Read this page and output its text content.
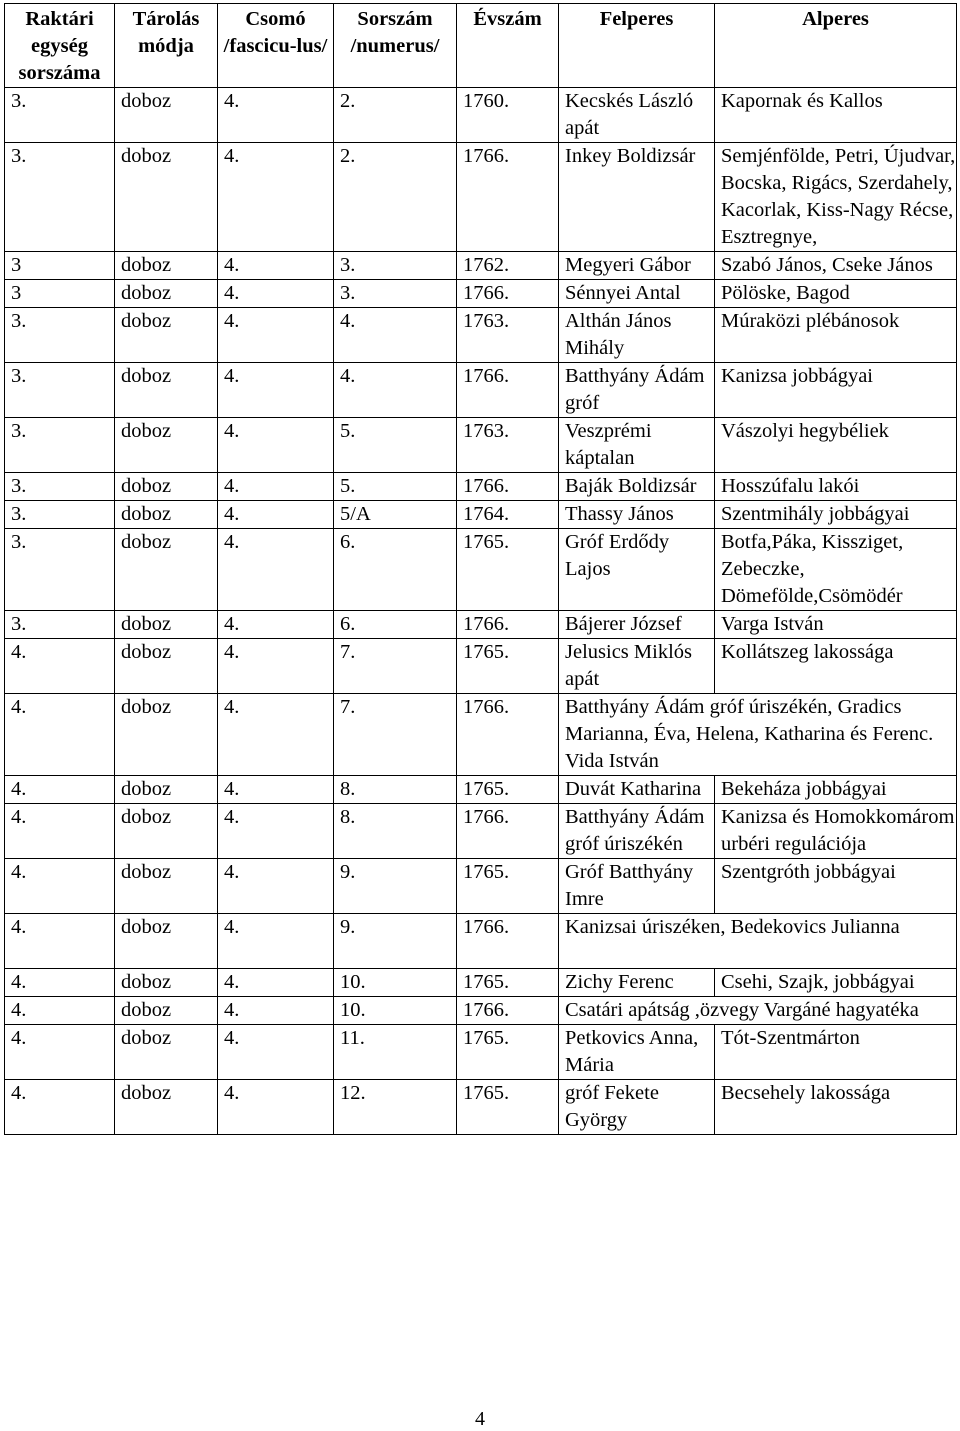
Raktári egység sorszáma	Tárolás módja	Csomó /fascicu-lus/	Sorszám /numerus/	Évszám	Felperes	Alperes
3.	doboz	4.	2.	1760.	Kecskés László apát	Kapornak és Kallos
3.	doboz	4.	2.	1766.	Inkey Boldizsár	Semjénfölde, Petri, Újudvar, Bocska, Rigács, Szerdahely, Kacorlak, Kiss-Nagy Récse, Esztregnye,
3	doboz	4.	3.	1762.	Megyeri Gábor	Szabó János, Cseke János
3	doboz	4.	3.	1766.	Sénnyei Antal	Pölöske, Bagod
3.	doboz	4.	4.	1763.	Althán János Mihály	Múraközi plébánosok
3.	doboz	4.	4.	1766.	Batthyány Ádám gróf	Kanizsa jobbágyai
3.	doboz	4.	5.	1763.	Veszprémi káptalan	Vászolyi hegybéliek
3.	doboz	4.	5.	1766.	Baják Boldizsár	Hosszúfalu lakói
3.	doboz	4.	5/A	1764.	Thassy János	Szentmihály jobbágyai
3.	doboz	4.	6.	1765.	Gróf Erdődy Lajos	Botfa,Páka, Kissziget, Zebeczke, Dömefölde,Csömödér
3.	doboz	4.	6.	1766.	Bájerer József	Varga István
4.	doboz	4.	7.	1765.	Jelusics Miklós apát	Kollátszeg lakossága
4.	doboz	4.	7.	1766.	Batthyány Ádám gróf úriszékén, Gradics Marianna, Éva, Helena, Katharina és Ferenc.
Vida István	

4.	doboz	4.	8.	1765.	Duvát Katharina	Bekeháza jobbágyai
4.	doboz	4.	8.	1766.	Batthyány Ádám gróf úriszékén	Kanizsa és Homokkomárom urbéri regulációja
4.	doboz	4.	9.	1765.	Gróf Batthyány Imre	Szentgróth jobbágyai
4.	doboz	4.	9.	1766.	Kanizsai úriszéken, Bedekovics Julianna	

4.	doboz	4.	10.	1765.	Zichy Ferenc	Csehi, Szajk, jobbágyai
4.	doboz	4.	10.	1766.	Csatári apátság ,özvegy Vargáné hagyatéka	

4.	doboz	4.	11.	1765.	Petkovics Anna, Mária	Tót-Szentmárton
4.	doboz	4.	12.	1765.	gróf Fekete György	Becsehely lakossága
4
